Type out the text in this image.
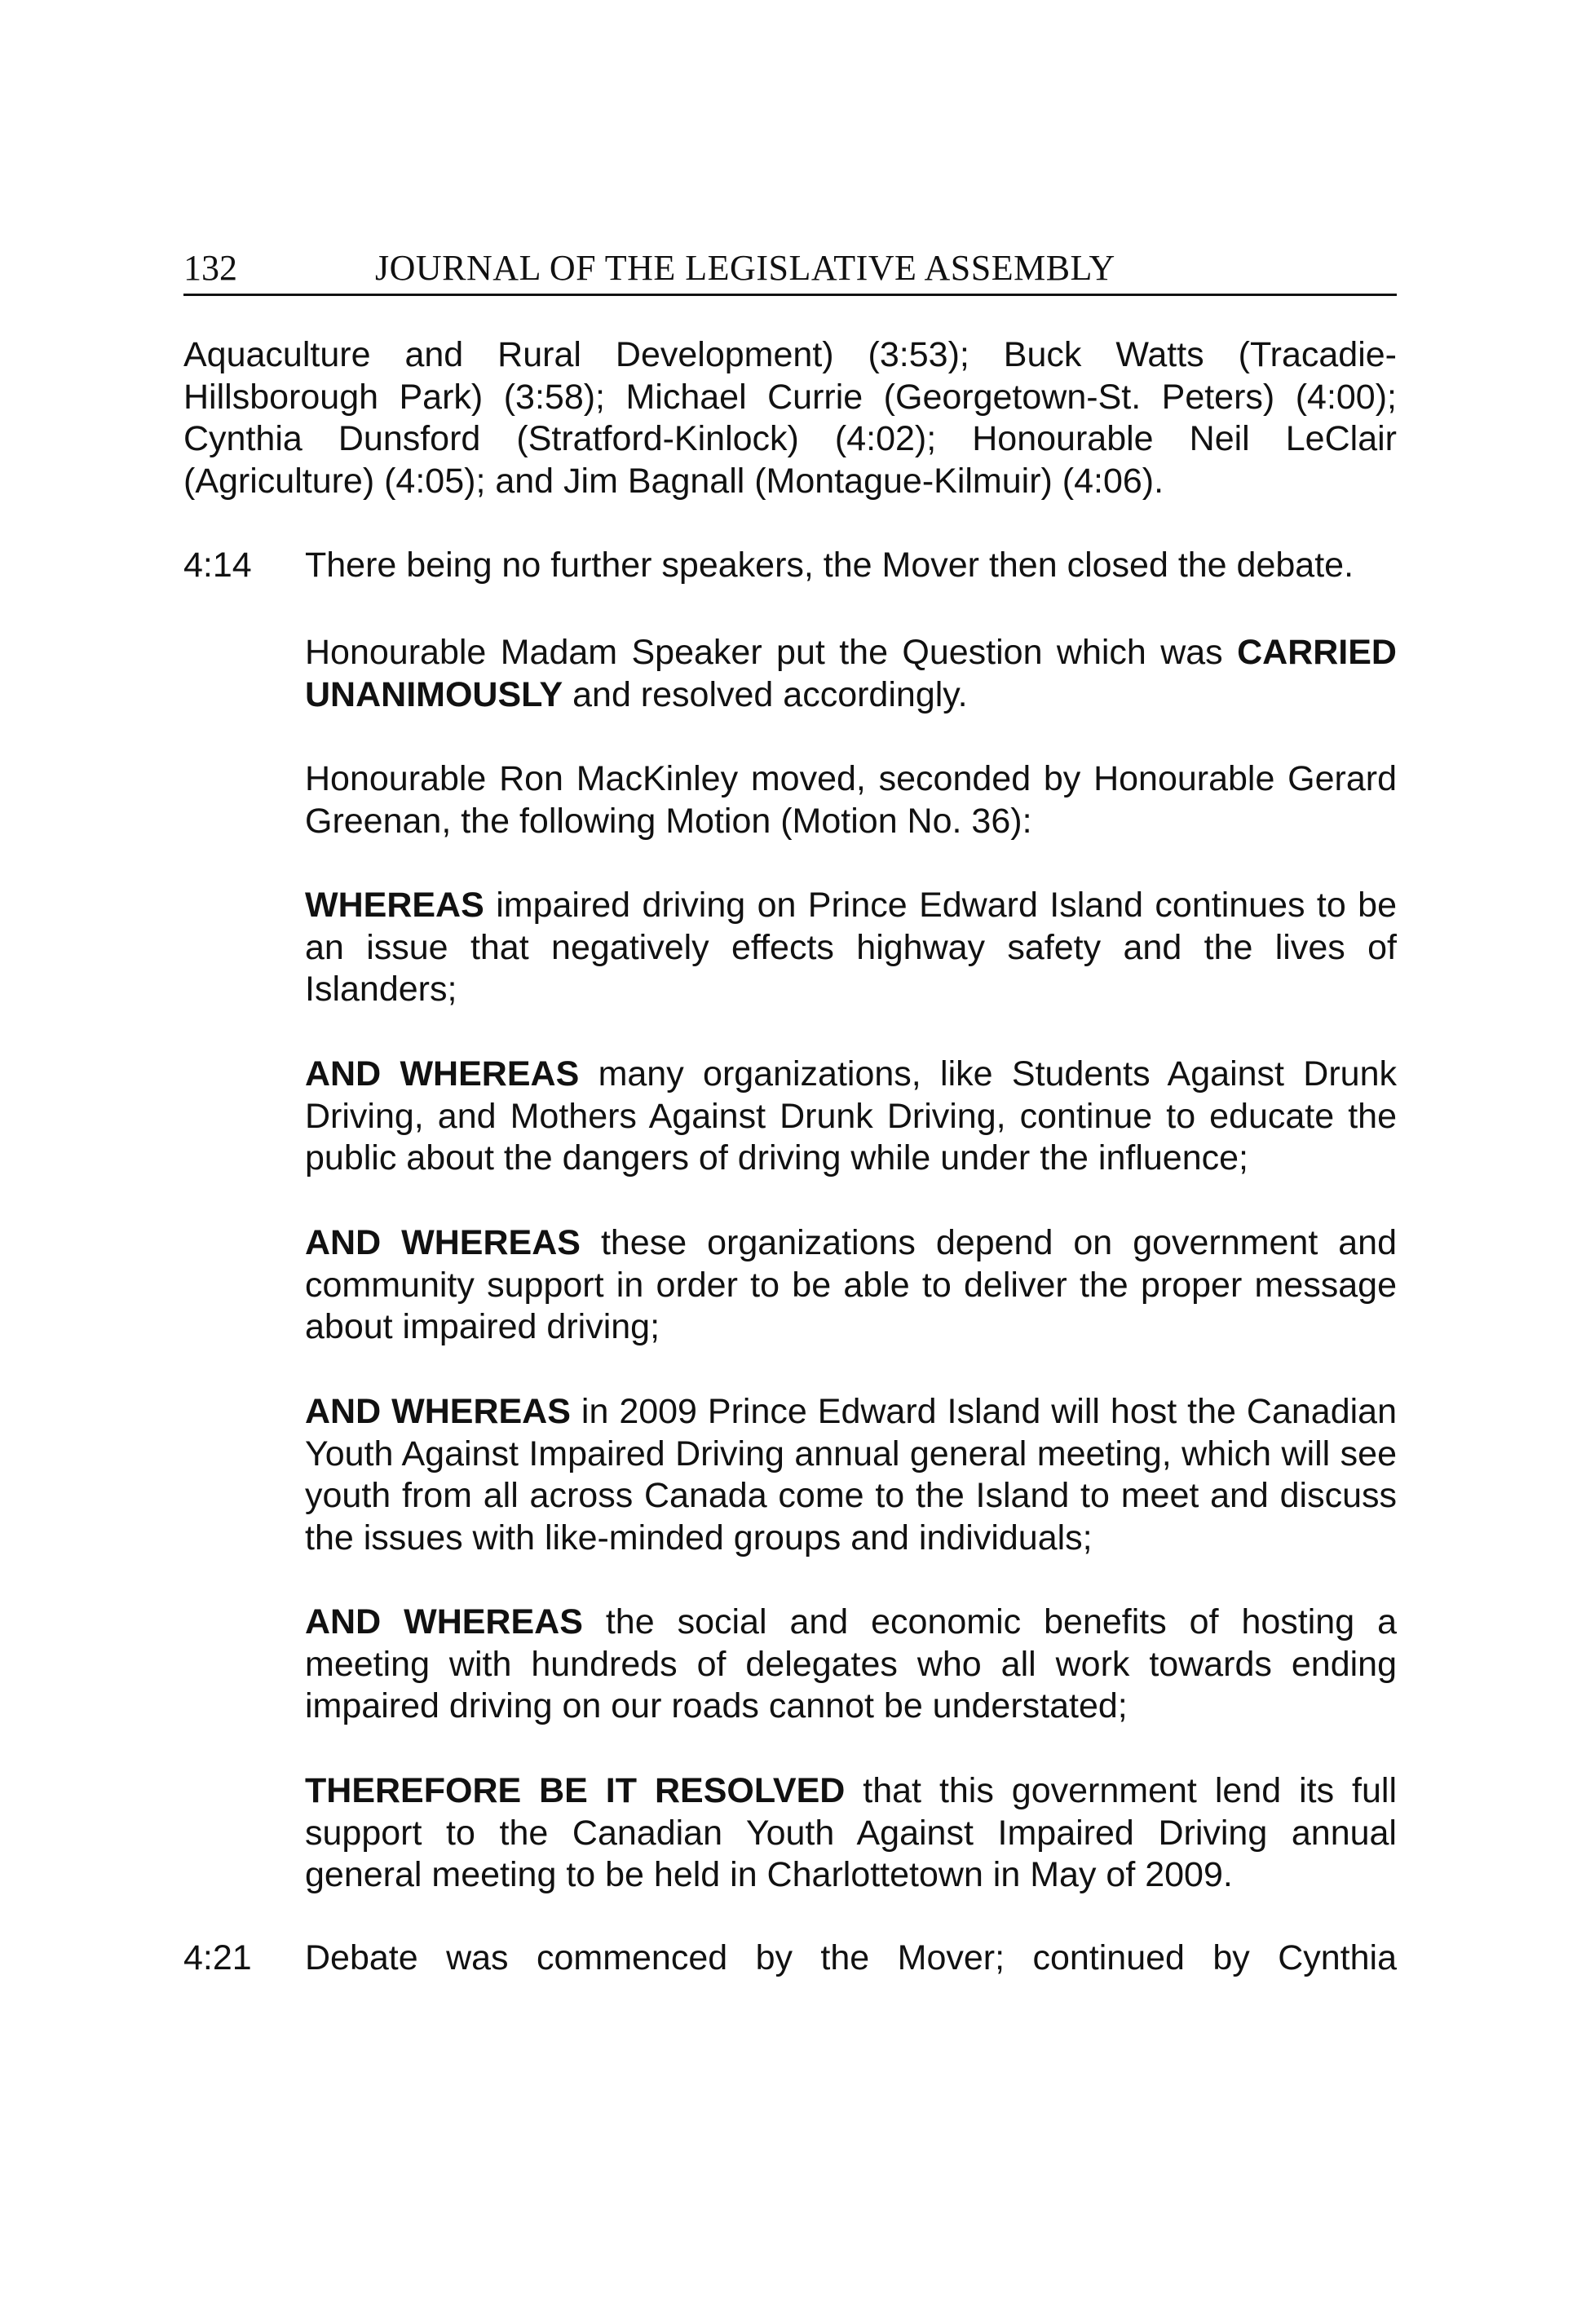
132	JOURNAL OF THE LEGISLATIVE ASSEMBLY
Aquaculture and Rural Development) (3:53); Buck Watts (Tracadie-Hillsborough Park) (3:58); Michael Currie (Georgetown-St. Peters) (4:00); Cynthia Dunsford (Stratford-Kinlock) (4:02); Honourable Neil LeClair (Agriculture) (4:05); and Jim Bagnall (Montague-Kilmuir) (4:06).
4:14 There being no further speakers, the Mover then closed the debate.
Honourable Madam Speaker put the Question which was CARRIED UNANIMOUSLY and resolved accordingly.
Honourable Ron MacKinley moved, seconded by Honourable Gerard Greenan, the following Motion (Motion No. 36):
WHEREAS impaired driving on Prince Edward Island continues to be an issue that negatively effects highway safety and the lives of Islanders;
AND WHEREAS many organizations, like Students Against Drunk Driving, and Mothers Against Drunk Driving, continue to educate the public about the dangers of driving while under the influence;
AND WHEREAS these organizations depend on government and community support in order to be able to deliver the proper message about impaired driving;
AND WHEREAS in 2009 Prince Edward Island will host the Canadian Youth Against Impaired Driving annual general meeting, which will see youth from all across Canada come to the Island to meet and discuss the issues with like-minded groups and individuals;
AND WHEREAS the social and economic benefits of hosting a meeting with hundreds of delegates who all work towards ending impaired driving on our roads cannot be understated;
THEREFORE BE IT RESOLVED that this government lend its full support to the Canadian Youth Against Impaired Driving annual general meeting to be held in Charlottetown in May of 2009.
4:21 Debate was commenced by the Mover; continued by Cynthia
